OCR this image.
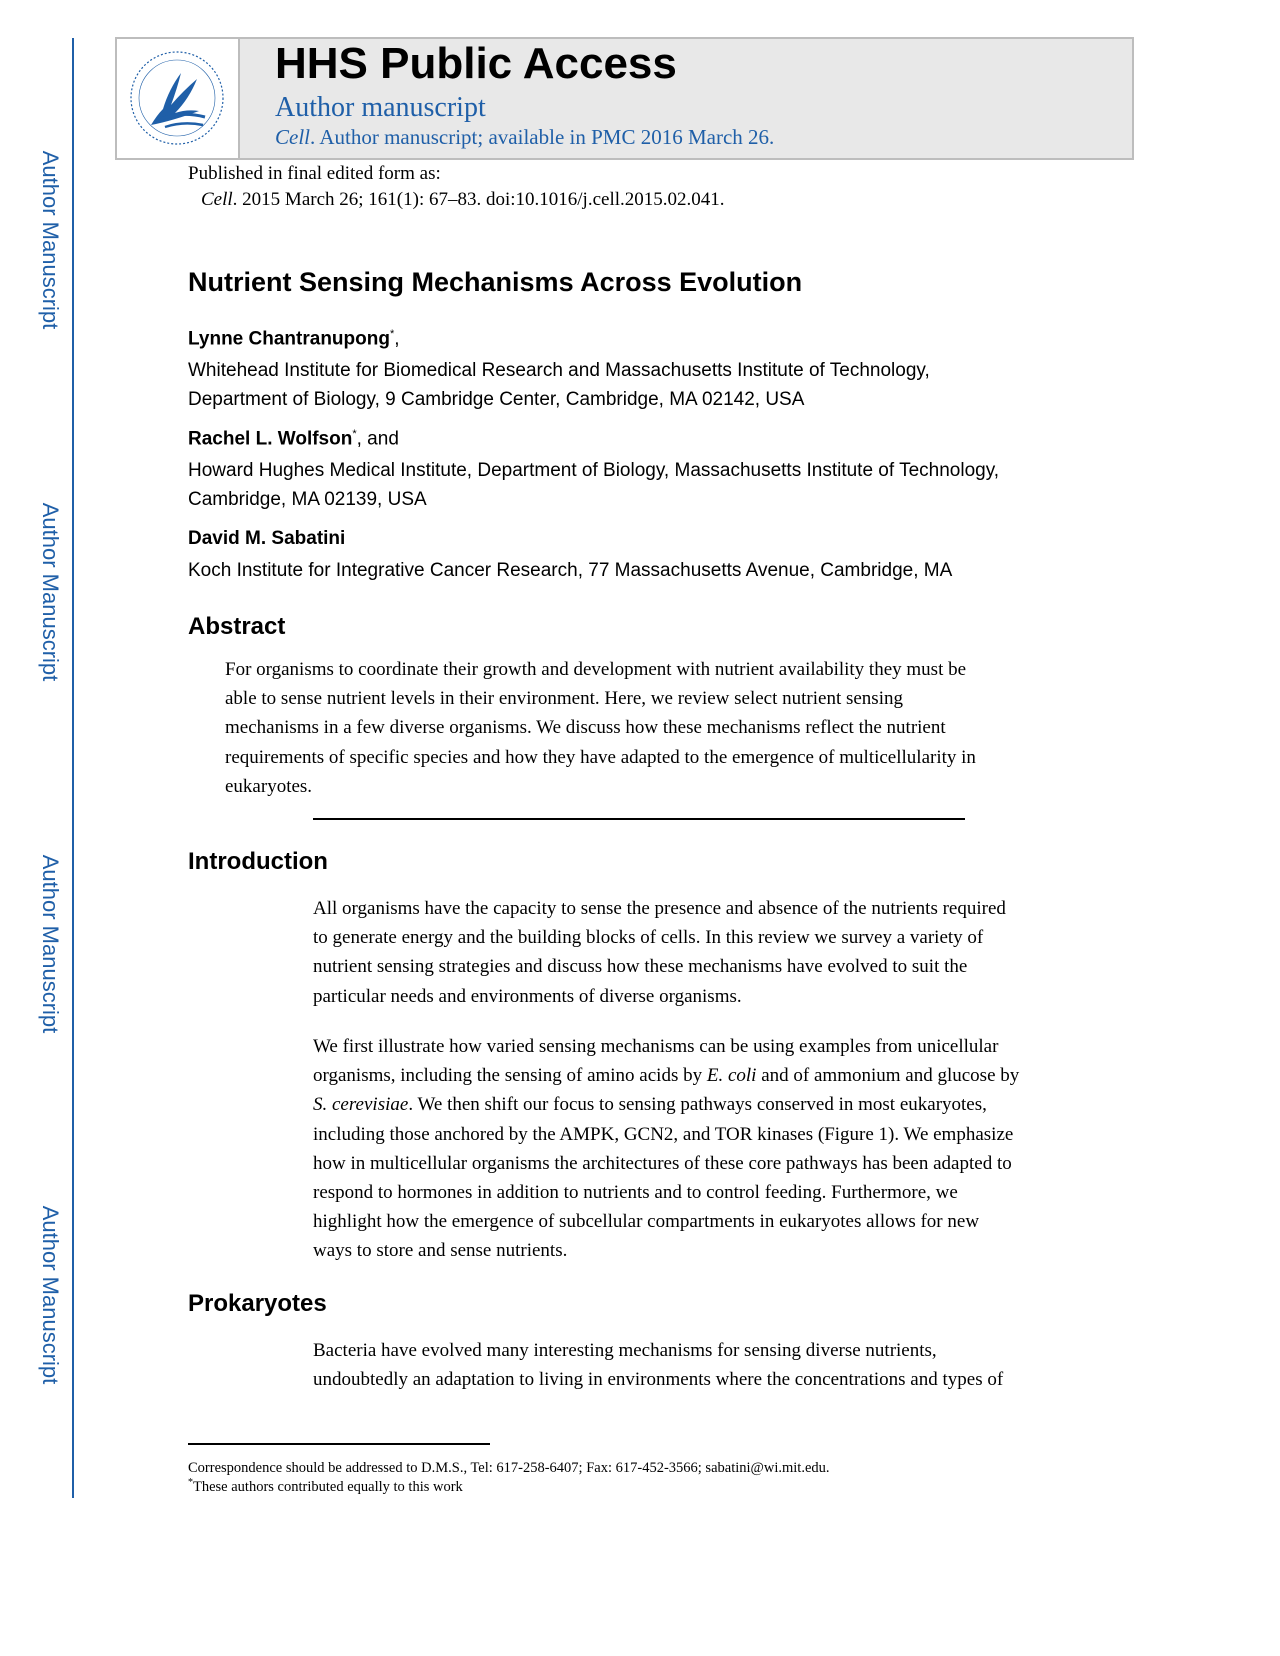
Author Manuscript
Author Manuscript
Author Manuscript
Author Manuscript
HHS Public Access
Author manuscript
Cell. Author manuscript; available in PMC 2016 March 26.
Published in final edited form as:
Cell. 2015 March 26; 161(1): 67–83. doi:10.1016/j.cell.2015.02.041.
Nutrient Sensing Mechanisms Across Evolution
Lynne Chantranupong*,
Whitehead Institute for Biomedical Research and Massachusetts Institute of Technology,
Department of Biology, 9 Cambridge Center, Cambridge, MA 02142, USA
Rachel L. Wolfson*, and
Howard Hughes Medical Institute, Department of Biology, Massachusetts Institute of Technology,
Cambridge, MA 02139, USA
David M. Sabatini
Koch Institute for Integrative Cancer Research, 77 Massachusetts Avenue, Cambridge, MA
Abstract
For organisms to coordinate their growth and development with nutrient availability they must be
able to sense nutrient levels in their environment. Here, we review select nutrient sensing
mechanisms in a few diverse organisms. We discuss how these mechanisms reflect the nutrient
requirements of specific species and how they have adapted to the emergence of multicellularity in
eukaryotes.
Introduction
All organisms have the capacity to sense the presence and absence of the nutrients required
to generate energy and the building blocks of cells. In this review we survey a variety of
nutrient sensing strategies and discuss how these mechanisms have evolved to suit the
particular needs and environments of diverse organisms.
We first illustrate how varied sensing mechanisms can be using examples from unicellular
organisms, including the sensing of amino acids by E. coli and of ammonium and glucose by
S. cerevisiae. We then shift our focus to sensing pathways conserved in most eukaryotes,
including those anchored by the AMPK, GCN2, and TOR kinases (Figure 1). We emphasize
how in multicellular organisms the architectures of these core pathways has been adapted to
respond to hormones in addition to nutrients and to control feeding. Furthermore, we
highlight how the emergence of subcellular compartments in eukaryotes allows for new
ways to store and sense nutrients.
Prokaryotes
Bacteria have evolved many interesting mechanisms for sensing diverse nutrients,
undoubtedly an adaptation to living in environments where the concentrations and types of
Correspondence should be addressed to D.M.S., Tel: 617-258-6407; Fax: 617-452-3566; sabatini@wi.mit.edu.
*These authors contributed equally to this work
